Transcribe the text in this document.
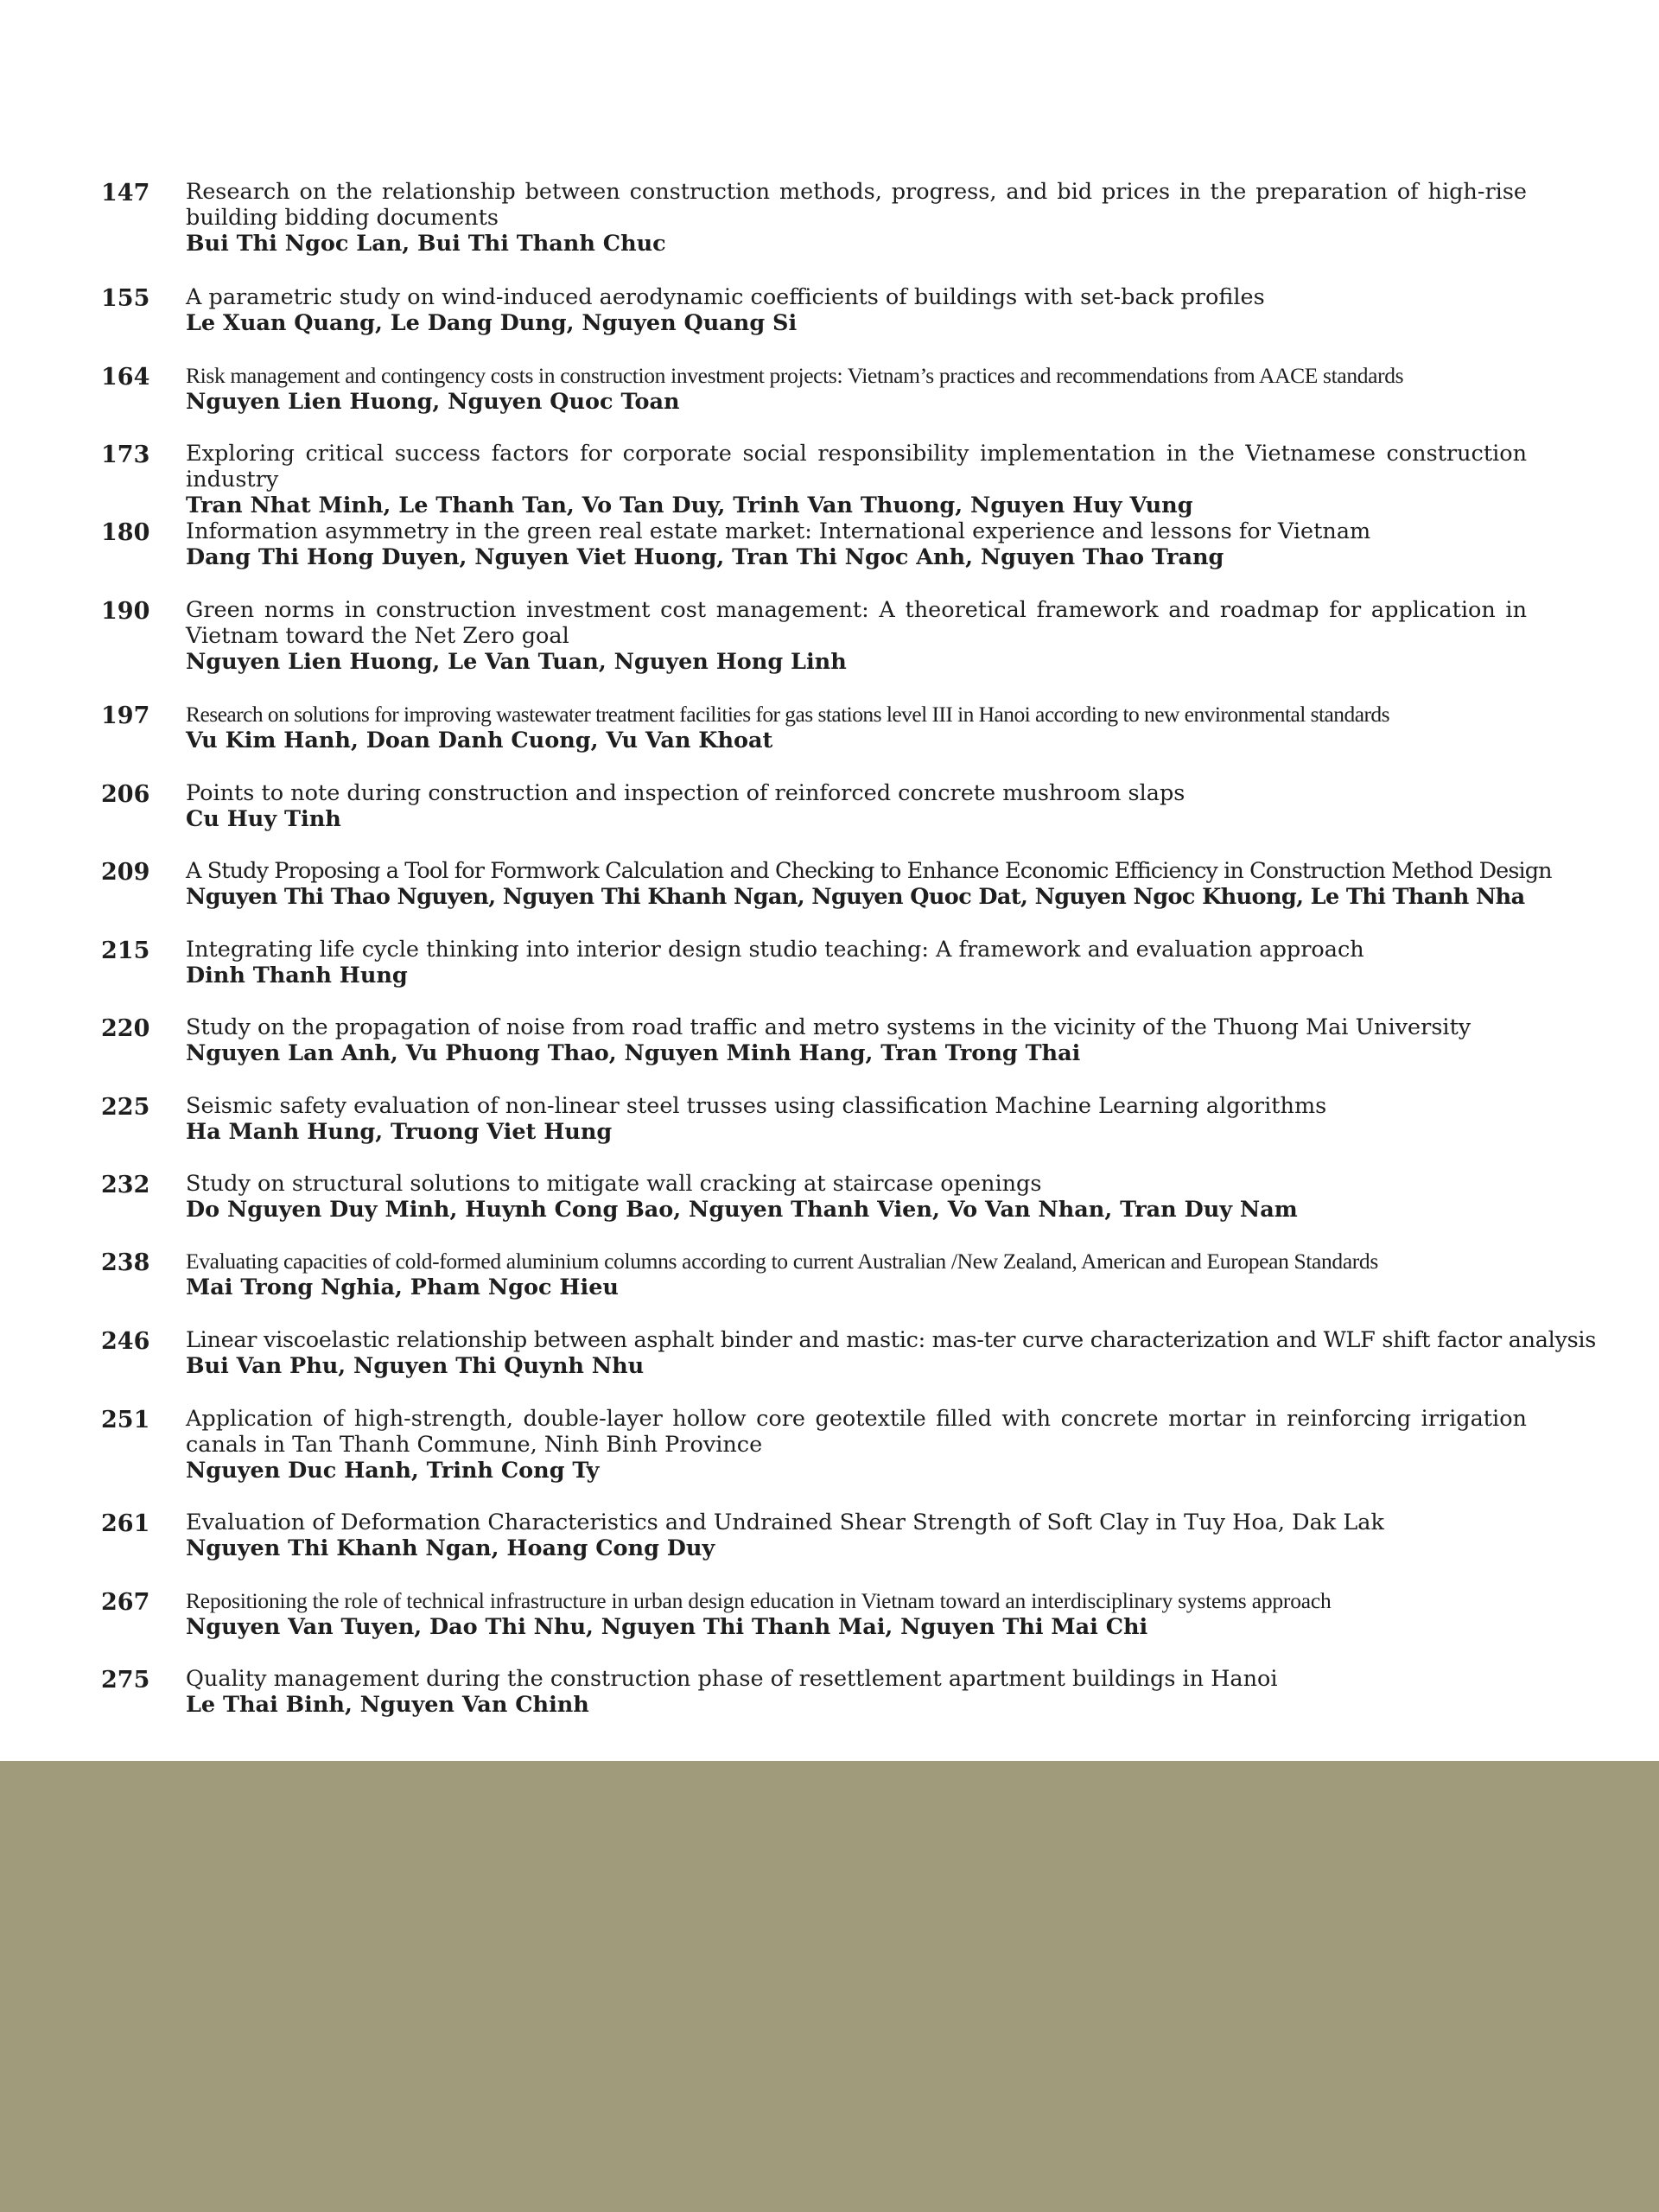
147 Research on the relationship between construction methods, progress, and bid prices in the preparation of high-rise building bidding documents

Bui Thi Ngoc Lan, Bui Thi Thanh Chuc

155 A parametric study on wind-induced aerodynamic coefficients of buildings with set-back profiles

Le Xuan Quang, Le Dang Dung, Nguyen Quang Si

164 Risk management and contingency costs in construction investment projects: Vietnam’s practices and recommendations from AACE standards

Nguyen Lien Huong, Nguyen Quoc Toan

173 Exploring critical success factors for corporate social responsibility implementation in the Vietnamese construction industry

Tran Nhat Minh, Le Thanh Tan, Vo Tan Duy, Trinh Van Thuong, Nguyen Huy Vung

180 Information asymmetry in the green real estate market: International experience and lessons for Vietnam

Dang Thi Hong Duyen, Nguyen Viet Huong, Tran Thi Ngoc Anh, Nguyen Thao Trang

190 Green norms in construction investment cost management: A theoretical framework and roadmap for application in Vietnam toward the Net Zero goal

Nguyen Lien Huong, Le Van Tuan, Nguyen Hong Linh

197 Research on solutions for improving wastewater treatment facilities for gas stations level III in Hanoi according to new environmental standards

Vu Kim Hanh, Doan Danh Cuong, Vu Van Khoat

206 Points to note during construction and inspection of reinforced concrete mushroom slaps

Cu Huy Tinh

209 A Study Proposing a Tool for Formwork Calculation and Checking to Enhance Economic Efficiency in Construction Method Design

Nguyen Thi Thao Nguyen, Nguyen Thi Khanh Ngan, Nguyen Quoc Dat, Nguyen Ngoc Khuong, Le Thi Thanh Nha

215 Integrating life cycle thinking into interior design studio teaching: A framework and evaluation approach

Dinh Thanh Hung

220 Study on the propagation of noise from road traffic and metro systems in the vicinity of the Thuong Mai University

Nguyen Lan Anh, Vu Phuong Thao, Nguyen Minh Hang, Tran Trong Thai

225 Seismic safety evaluation of non-linear steel trusses using classification Machine Learning algorithms

Ha Manh Hung, Truong Viet Hung

232 Study on structural solutions to mitigate wall cracking at staircase openings

Do Nguyen Duy Minh, Huynh Cong Bao, Nguyen Thanh Vien, Vo Van Nhan, Tran Duy Nam

238 Evaluating capacities of cold-formed aluminium columns according to current Australian /New Zealand, American and European Standards

Mai Trong Nghia, Pham Ngoc Hieu

246 Linear viscoelastic relationship between asphalt binder and mastic: mas-ter curve characterization and WLF shift factor analysis

Bui Van Phu, Nguyen Thi Quynh Nhu

251 Application of high-strength, double-layer hollow core geotextile filled with concrete mortar in reinforcing irrigation canals in Tan Thanh Commune, Ninh Binh Province

Nguyen Duc Hanh, Trinh Cong Ty

261 Evaluation of Deformation Characteristics and Undrained Shear Strength of Soft Clay in Tuy Hoa, Dak Lak

Nguyen Thi Khanh Ngan, Hoang Cong Duy

267 Repositioning the role of technical infrastructure in urban design education in Vietnam toward an interdisciplinary systems approach

Nguyen Van Tuyen, Dao Thi Nhu, Nguyen Thi Thanh Mai, Nguyen Thi Mai Chi

275 Quality management during the construction phase of resettlement apartment buildings in Hanoi

Le Thai Binh, Nguyen Van Chinh
